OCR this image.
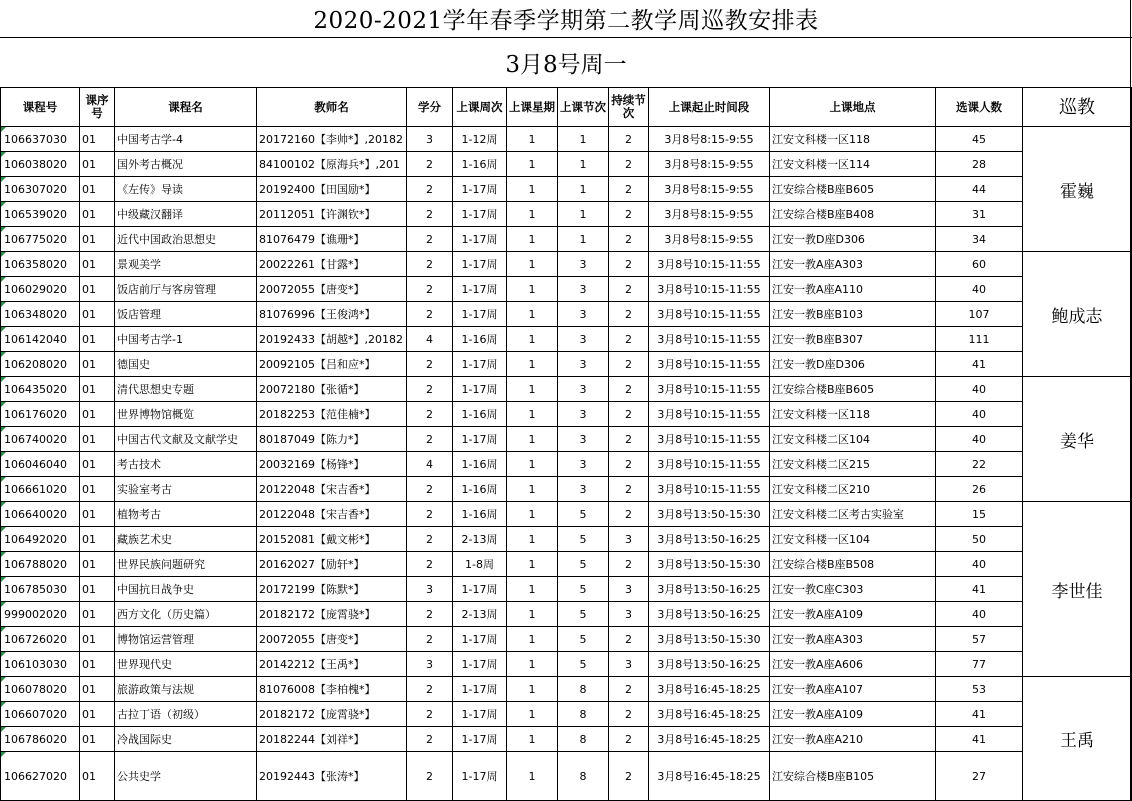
2020-2021学年春季学期第二教学周巡教安排表
3月8号周一
课程号	课序号	课程名	教师名	学分	上课周次	上课星期	上课节次	持续节次	上课起止时间段	上课地点	选课人数	巡教
106637030	01	中国考古学-4	20172160【李帅*】,20182	3	1-12周	1	1	2	3月8号8:15-9:55	江安文科楼一区118	45	霍巍
106038020	01	国外考古概况	84100102【原海兵*】,201	2	1-16周	1	1	2	3月8号8:15-9:55	江安文科楼一区114	28	
106307020	01	《左传》导读	20192400【田国励*】	2	1-17周	1	1	2	3月8号8:15-9:55	江安综合楼B座B605	44	
106539020	01	中级藏汉翻译	20112051【许渊钦*】	2	1-17周	1	1	2	3月8号8:15-9:55	江安综合楼B座B408	31	
106775020	01	近代中国政治思想史	81076479【谯珊*】	2	1-17周	1	1	2	3月8号8:15-9:55	江安一教D座D306	34	
106358020	01	景观美学	20022261【甘露*】	2	1-17周	1	3	2	3月8号10:15-11:55	江安一教A座A303	60	鲍成志
106029020	01	饭店前厅与客房管理	20072055【唐变*】	2	1-17周	1	3	2	3月8号10:15-11:55	江安一教A座A110	40	
106348020	01	饭店管理	81076996【王俊鸿*】	2	1-17周	1	3	2	3月8号10:15-11:55	江安一教B座B103	107	
106142040	01	中国考古学-1	20192433【胡越*】,20182	4	1-16周	1	3	2	3月8号10:15-11:55	江安一教B座B307	111	
106208020	01	德国史	20092105【吕和应*】	2	1-17周	1	3	2	3月8号10:15-11:55	江安一教D座D306	41	
106435020	01	清代思想史专题	20072180【张循*】	2	1-17周	1	3	2	3月8号10:15-11:55	江安综合楼B座B605	40	姜华
106176020	01	世界博物馆概览	20182253【范佳楠*】	2	1-16周	1	3	2	3月8号10:15-11:55	江安文科楼一区118	40	
106740020	01	中国古代文献及文献学史	80187049【陈力*】	2	1-17周	1	3	2	3月8号10:15-11:55	江安文科楼二区104	40	
106046040	01	考古技术	20032169【杨锋*】	4	1-16周	1	3	2	3月8号10:15-11:55	江安文科楼二区215	22	
106661020	01	实验室考古	20122048【宋吉香*】	2	1-16周	1	3	2	3月8号10:15-11:55	江安文科楼二区210	26	
106640020	01	植物考古	20122048【宋吉香*】	2	1-16周	1	5	2	3月8号13:50-15:30	江安文科楼二区考古实验室	15	李世佳
106492020	01	藏族艺术史	20152081【戴文彬*】	2	2-13周	1	5	3	3月8号13:50-16:25	江安文科楼一区104	50	
106788020	01	世界民族问题研究	20162027【励轩*】	2	1-8周	1	5	2	3月8号13:50-15:30	江安综合楼B座B508	40	
106785030	01	中国抗日战争史	20172199【陈默*】	3	1-17周	1	5	3	3月8号13:50-16:25	江安一教C座C303	41	
999002020	01	西方文化（历史篇）	20182172【庞霄骁*】	2	2-13周	1	5	3	3月8号13:50-16:25	江安一教A座A109	40	
106726020	01	博物馆运营管理	20072055【唐变*】	2	1-17周	1	5	2	3月8号13:50-15:30	江安一教A座A303	57	
106103030	01	世界现代史	20142212【王禹*】	3	1-17周	1	5	3	3月8号13:50-16:25	江安一教A座A606	77	
106078020	01	旅游政策与法规	81076008【李柏槐*】	2	1-17周	1	8	2	3月8号16:45-18:25	江安一教A座A107	53	王禹
106607020	01	古拉丁语（初级）	20182172【庞霄骁*】	2	1-17周	1	8	2	3月8号16:45-18:25	江安一教A座A109	41	
106786020	01	冷战国际史	20182244【刘祥*】	2	1-17周	1	8	2	3月8号16:45-18:25	江安一教A座A210	41	
106627020	01	公共史学	20192443【张涛*】	2	1-17周	1	8	2	3月8号16:45-18:25	江安综合楼B座B105	27	
